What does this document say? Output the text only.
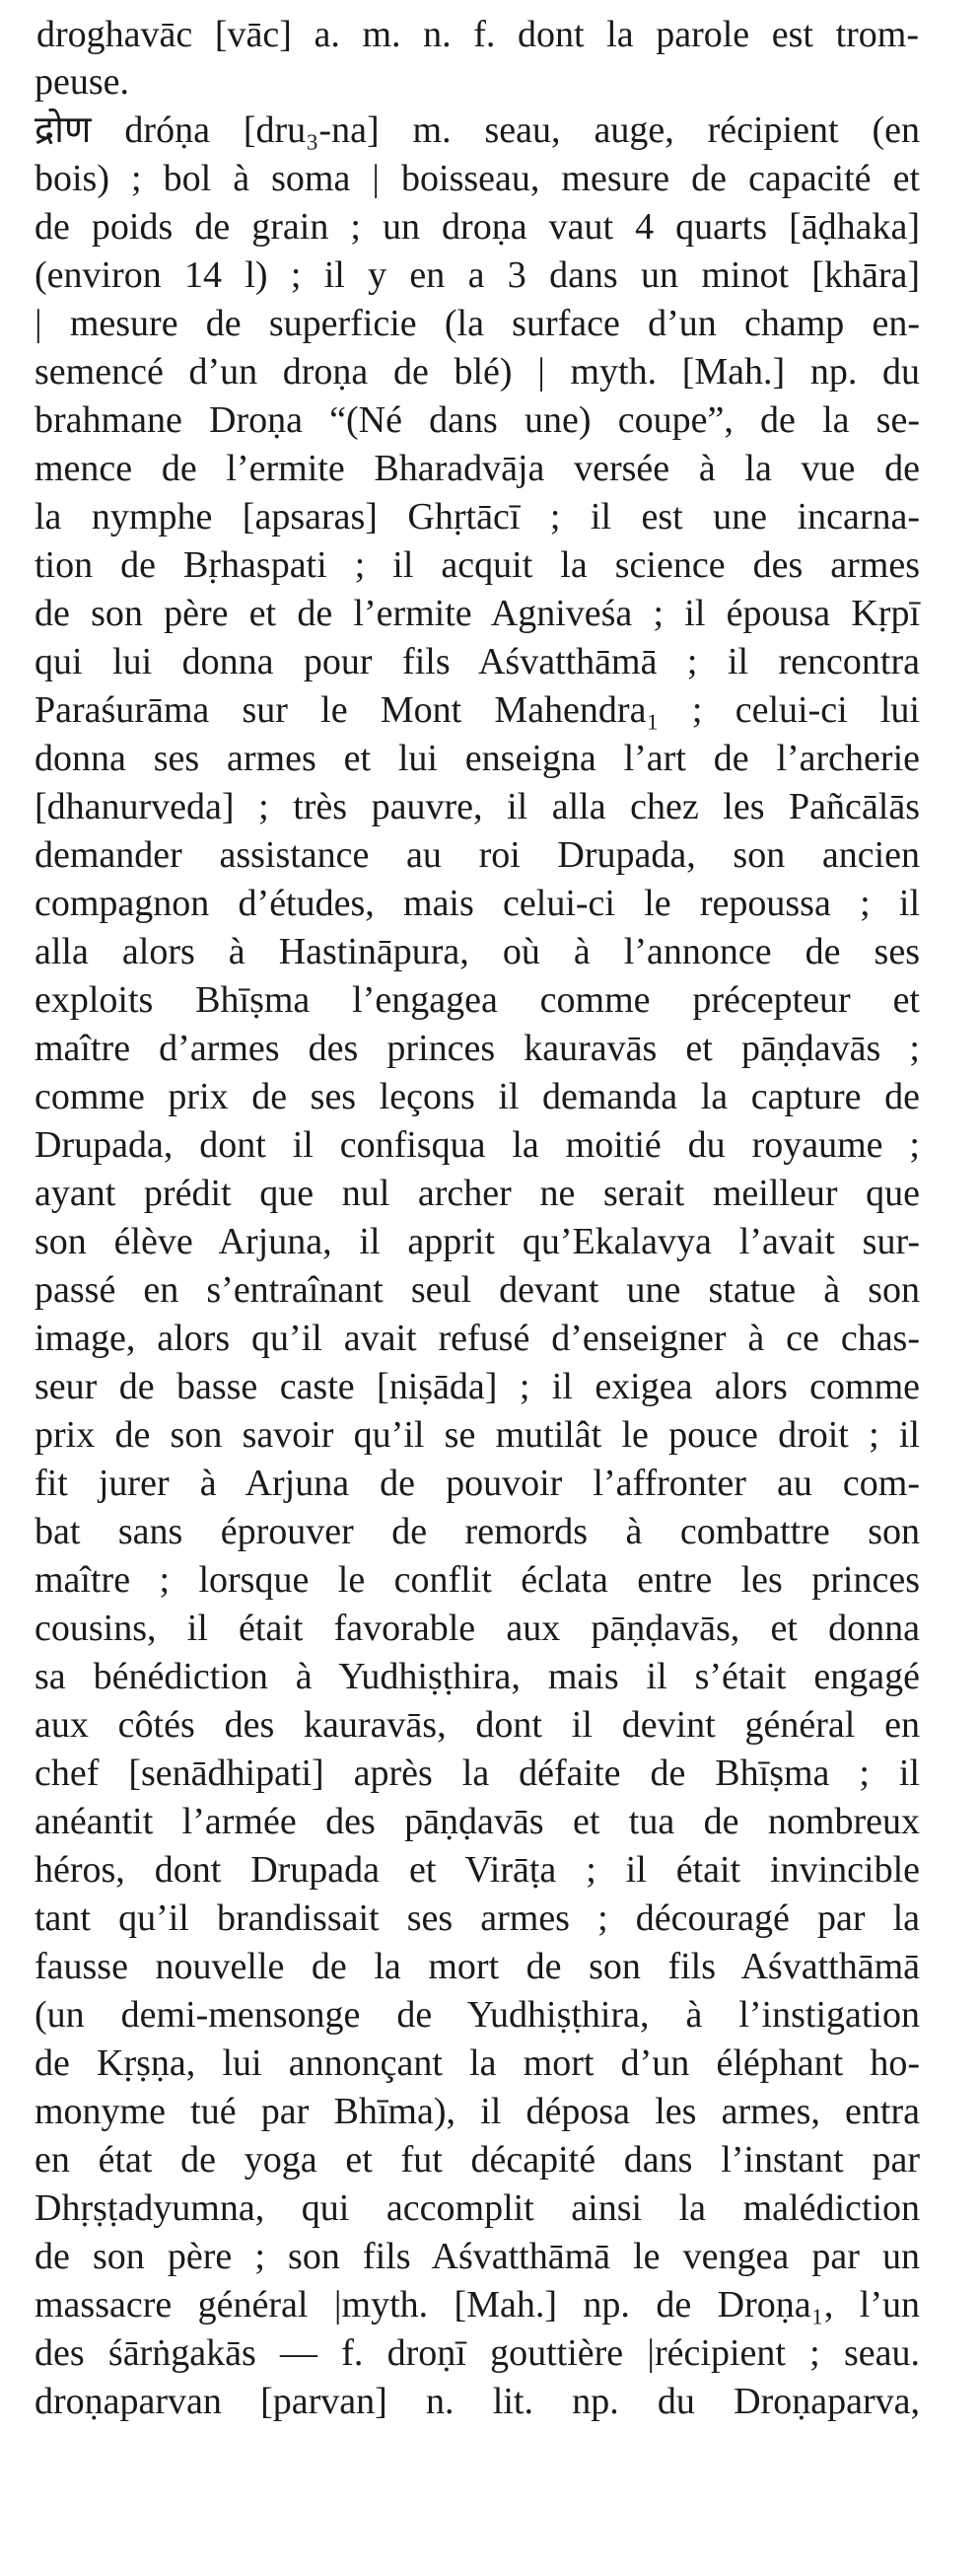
droghavāc [vāc] a. m. n. f. dont la parole est trom-
peuse.
द्रोण dróṇa [dru₃-na] m. seau, auge, récipient (en
bois) ; bol à soma | boisseau, mesure de capacité et
de poids de grain ; un droṇa vaut 4 quarts [āḍhaka]
(environ 14 l) ; il y en a 3 dans un minot [khāra]
| mesure de superficie (la surface d’un champ en-
semencé d’un droṇa de blé) | myth. [Mah.] np. du
brahmane Droṇa “(Né dans une) coupe”, de la se-
mence de l’ermite Bharadvāja versée à la vue de
la nymphe [apsaras] Ghṛtācī ; il est une incarna-
tion de Bṛhaspati ; il acquit la science des armes
de son père et de l’ermite Agniveśa ; il épousa Kṛpī
qui lui donna pour fils Aśvatthāmā ; il rencontra
Paraśurāma sur le Mont Mahendra₁ ; celui-ci lui
donna ses armes et lui enseigna l’art de l’archerie
[dhanurveda] ; très pauvre, il alla chez les Pañcālās
demander assistance au roi Drupada, son ancien
compagnon d’études, mais celui-ci le repoussa ; il
alla alors à Hastināpura, où à l’annonce de ses
exploits Bhīṣma l’engagea comme précepteur et
maître d’armes des princes kauravās et pāṇḍavās ;
comme prix de ses leçons il demanda la capture de
Drupada, dont il confisqua la moitié du royaume ;
ayant prédit que nul archer ne serait meilleur que
son élève Arjuna, il apprit qu’Ekalavya l’avait sur-
passé en s’entraînant seul devant une statue à son
image, alors qu’il avait refusé d’enseigner à ce chas-
seur de basse caste [niṣāda] ; il exigea alors comme
prix de son savoir qu’il se mutilât le pouce droit ; il
fit jurer à Arjuna de pouvoir l’affronter au com-
bat sans éprouver de remords à combattre son
maître ; lorsque le conflit éclata entre les princes
cousins, il était favorable aux pāṇḍavās, et donna
sa bénédiction à Yudhiṣṭhira, mais il s’était engagé
aux côtés des kauravās, dont il devint général en
chef [senādhipati] après la défaite de Bhīṣma ; il
anéantit l’armée des pāṇḍavās et tua de nombreux
héros, dont Drupada et Virāṭa ; il était invincible
tant qu’il brandissait ses armes ; découragé par la
fausse nouvelle de la mort de son fils Aśvatthāmā
(un demi-mensonge de Yudhiṣṭhira, à l’instigation
de Kṛṣṇa, lui annonçant la mort d’un éléphant ho-
monyme tué par Bhīma), il déposa les armes, entra
en état de yoga et fut décapité dans l’instant par
Dhṛṣṭadyumna, qui accomplit ainsi la malédiction
de son père ; son fils Aśvatthāmā le vengea par un
massacre général |myth. [Mah.] np. de Droṇa₁, l’un
des śārṅgakās — f. droṇī gouttière |récipient ; seau.
droṇaparvan [parvan] n. lit. np. du Droṇaparva,
